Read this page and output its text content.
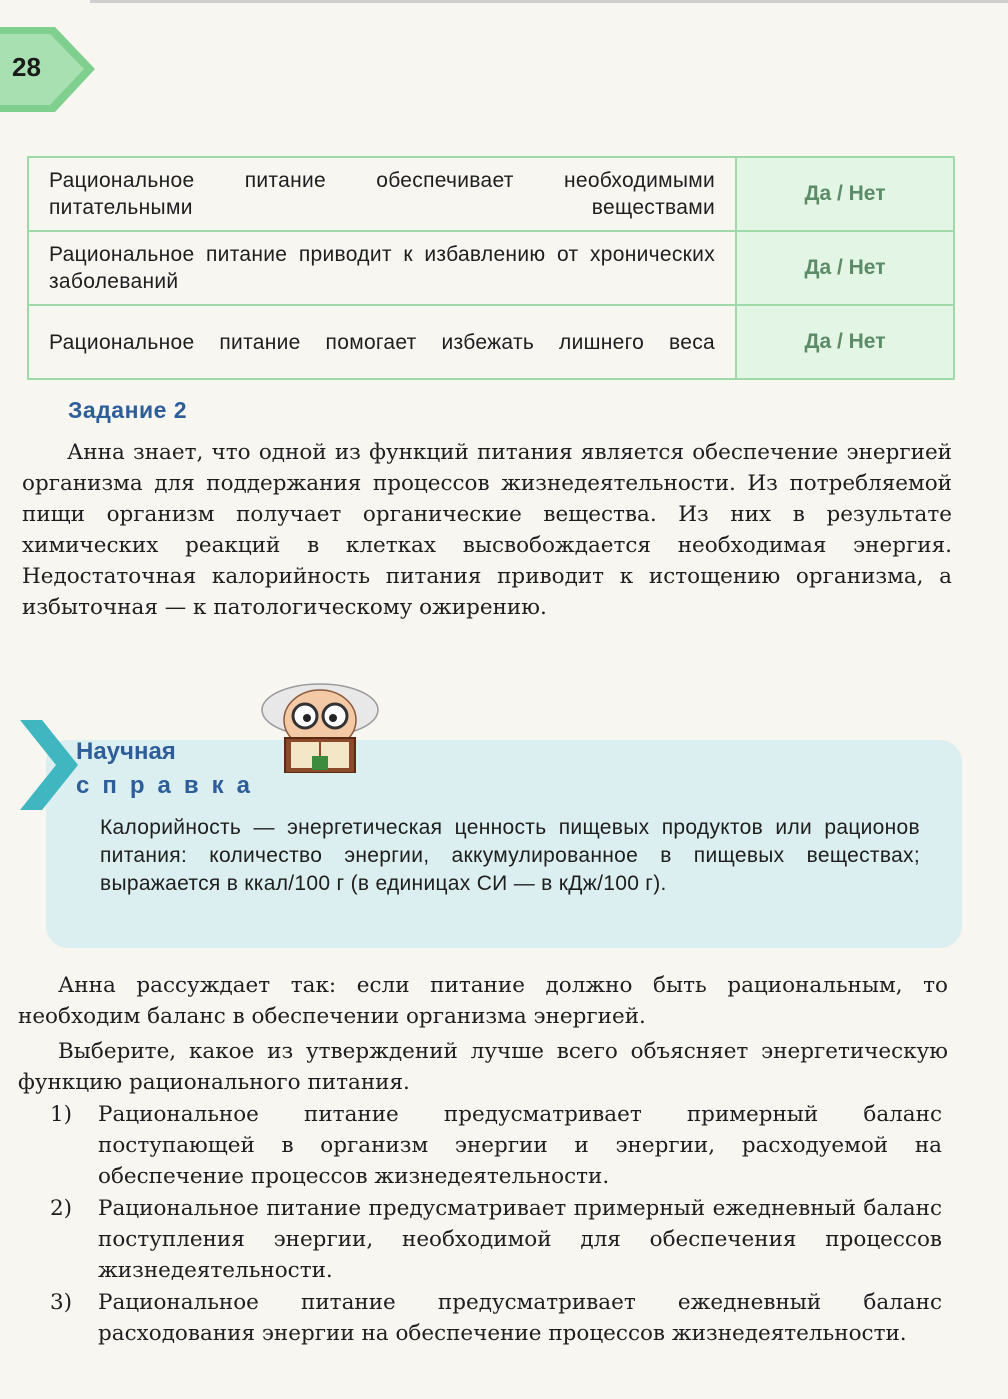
28
Рациональное питание обеспечивает необходимыми питательными веществами	Да / Нет
Рациональное питание приводит к избавлению от хронических заболеваний	Да / Нет
Рациональное питание помогает избежать лишнего веса	Да / Нет
Задание 2
Анна знает, что одной из функций питания является обеспечение энергией организма для поддержания процессов жизнедеятельности. Из потребляемой пищи организм получает органические вещества. Из них в результате химических реакций в клетках высвобождается необходимая энергия. Недостаточная калорийность питания приводит к истощению организма, а избыточная — к патологическому ожирению.
Научная
справка
Калорийность — энергетическая ценность пищевых продуктов или рационов питания: количество энергии, аккумулированное в пищевых веществах; выражается в ккал/100 г (в единицах СИ — в кДж/100 г).
Анна рассуждает так: если питание должно быть рациональным, то необходим баланс в обеспечении организма энергией.
Выберите, какое из утверждений лучше всего объясняет энергетическую функцию рационального питания.
1) Рациональное питание предусматривает примерный баланс поступающей в организм энергии и энергии, расходуемой на обеспечение процессов жизнедеятельности.
2) Рациональное питание предусматривает примерный ежедневный баланс поступления энергии, необходимой для обеспечения процессов жизнедеятельности.
3) Рациональное питание предусматривает ежедневный баланс расходования энергии на обеспечение процессов жизнедеятельности.
